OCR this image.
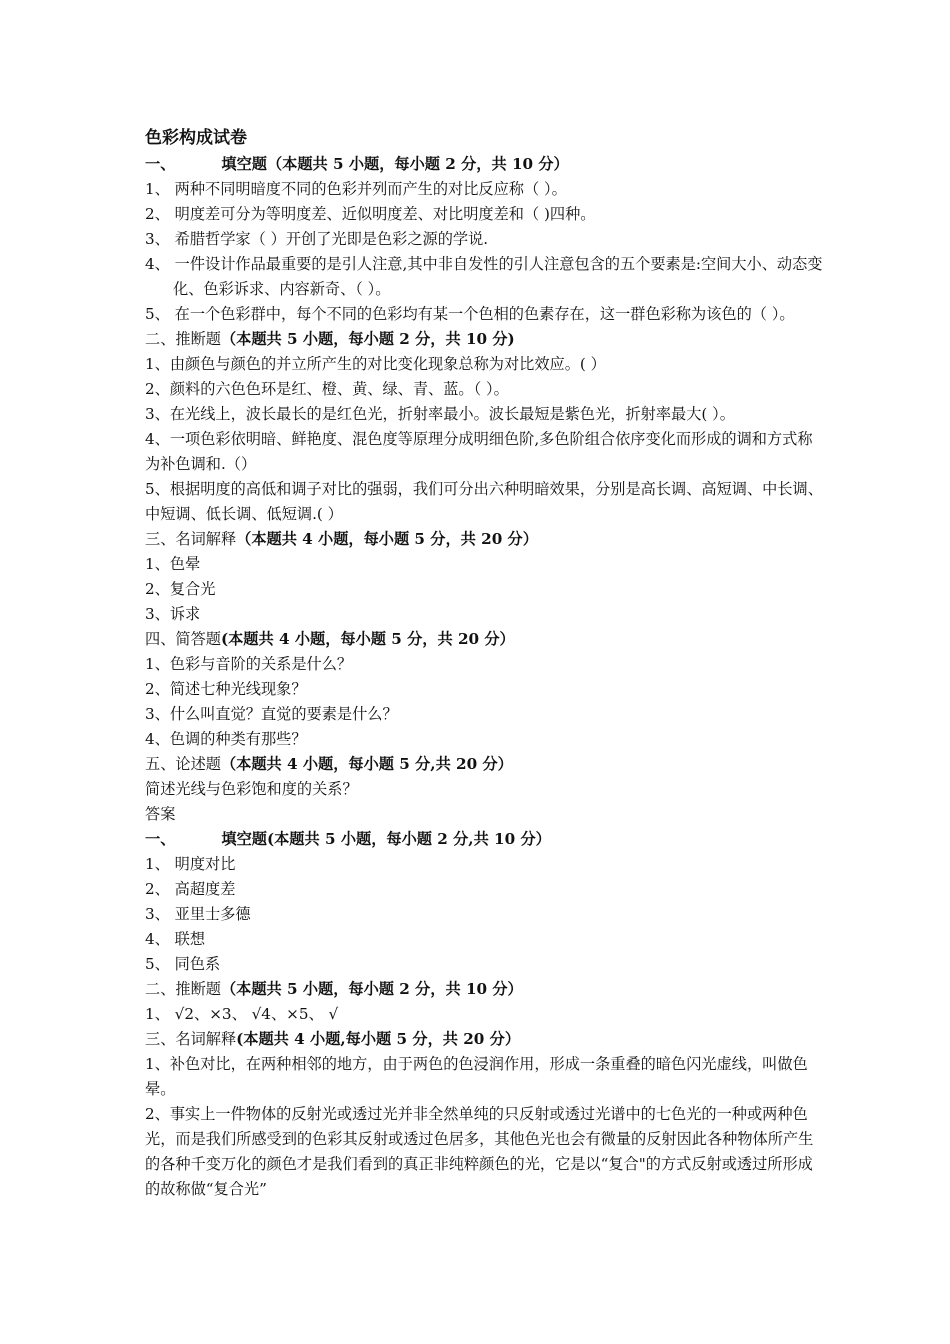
色彩构成试卷
一、	填空题（本题共 5 小题，每小题 2 分，共 10 分）
1、 两种不同明暗度不同的色彩并列而产生的对比反应称（ ）。
2、 明度差可分为等明度差、近似明度差、对比明度差和（ )四种。
3、 希腊哲学家（ ）开创了光即是色彩之源的学说.
4、 一件设计作品最重要的是引人注意,其中非自发性的引人注意包含的五个要素是:空间大小、动态变化、色彩诉求、内容新奇、（ ）。
5、 在一个色彩群中，每个不同的色彩均有某一个色相的色素存在，这一群色彩称为该色的（ ）。
二、推断题（本题共 5 小题，每小题 2 分，共 10 分)
1、由颜色与颜色的并立所产生的对比变化现象总称为对比效应。( ）
2、颜料的六色色环是红、橙、黄、绿、青、蓝。（ ）。
3、在光线上，波长最长的是红色光，折射率最小。波长最短是紫色光，折射率最大( ）。
4、一项色彩依明暗、鲜艳度、混色度等原理分成明细色阶,多色阶组合依序变化而形成的调和方式称为补色调和.（）
5、根据明度的高低和调子对比的强弱，我们可分出六种明暗效果，分别是高长调、高短调、中长调、中短调、低长调、低短调.( ）
三、名词解释（本题共 4 小题，每小题 5 分，共 20 分）
1、色晕
2、复合光
3、诉求
四、简答题(本题共 4 小题，每小题 5 分，共 20 分）
1、色彩与音阶的关系是什么？
2、简述七种光线现象？
3、什么叫直觉？直觉的要素是什么？
4、色调的种类有那些？
五、论述题（本题共 4 小题，每小题 5 分,共 20 分）
简述光线与色彩饱和度的关系？
答案
一、	填空题(本题共 5 小题，每小题 2 分,共 10 分）
1、 明度对比
2、 高超度差
3、 亚里士多德
4、 联想
5、 同色系
二、推断题（本题共 5 小题，每小题 2 分，共 10 分）
1、 √2、×3、 √4、×5、 √
三、名词解释(本题共 4 小题,每小题 5 分，共 20 分）
1、补色对比，在两种相邻的地方，由于两色的色浸润作用，形成一条重叠的暗色闪光虚线，叫做色晕。
2、事实上一件物体的反射光或透过光并非全然单纯的只反射或透过光谱中的七色光的一种或两种色光，而是我们所感受到的色彩其反射或透过色居多，其他色光也会有微量的反射因此各种物体所产生的各种千变万化的颜色才是我们看到的真正非纯粹颜色的光，它是以“复合"的方式反射或透过所形成的故称做“复合光”
